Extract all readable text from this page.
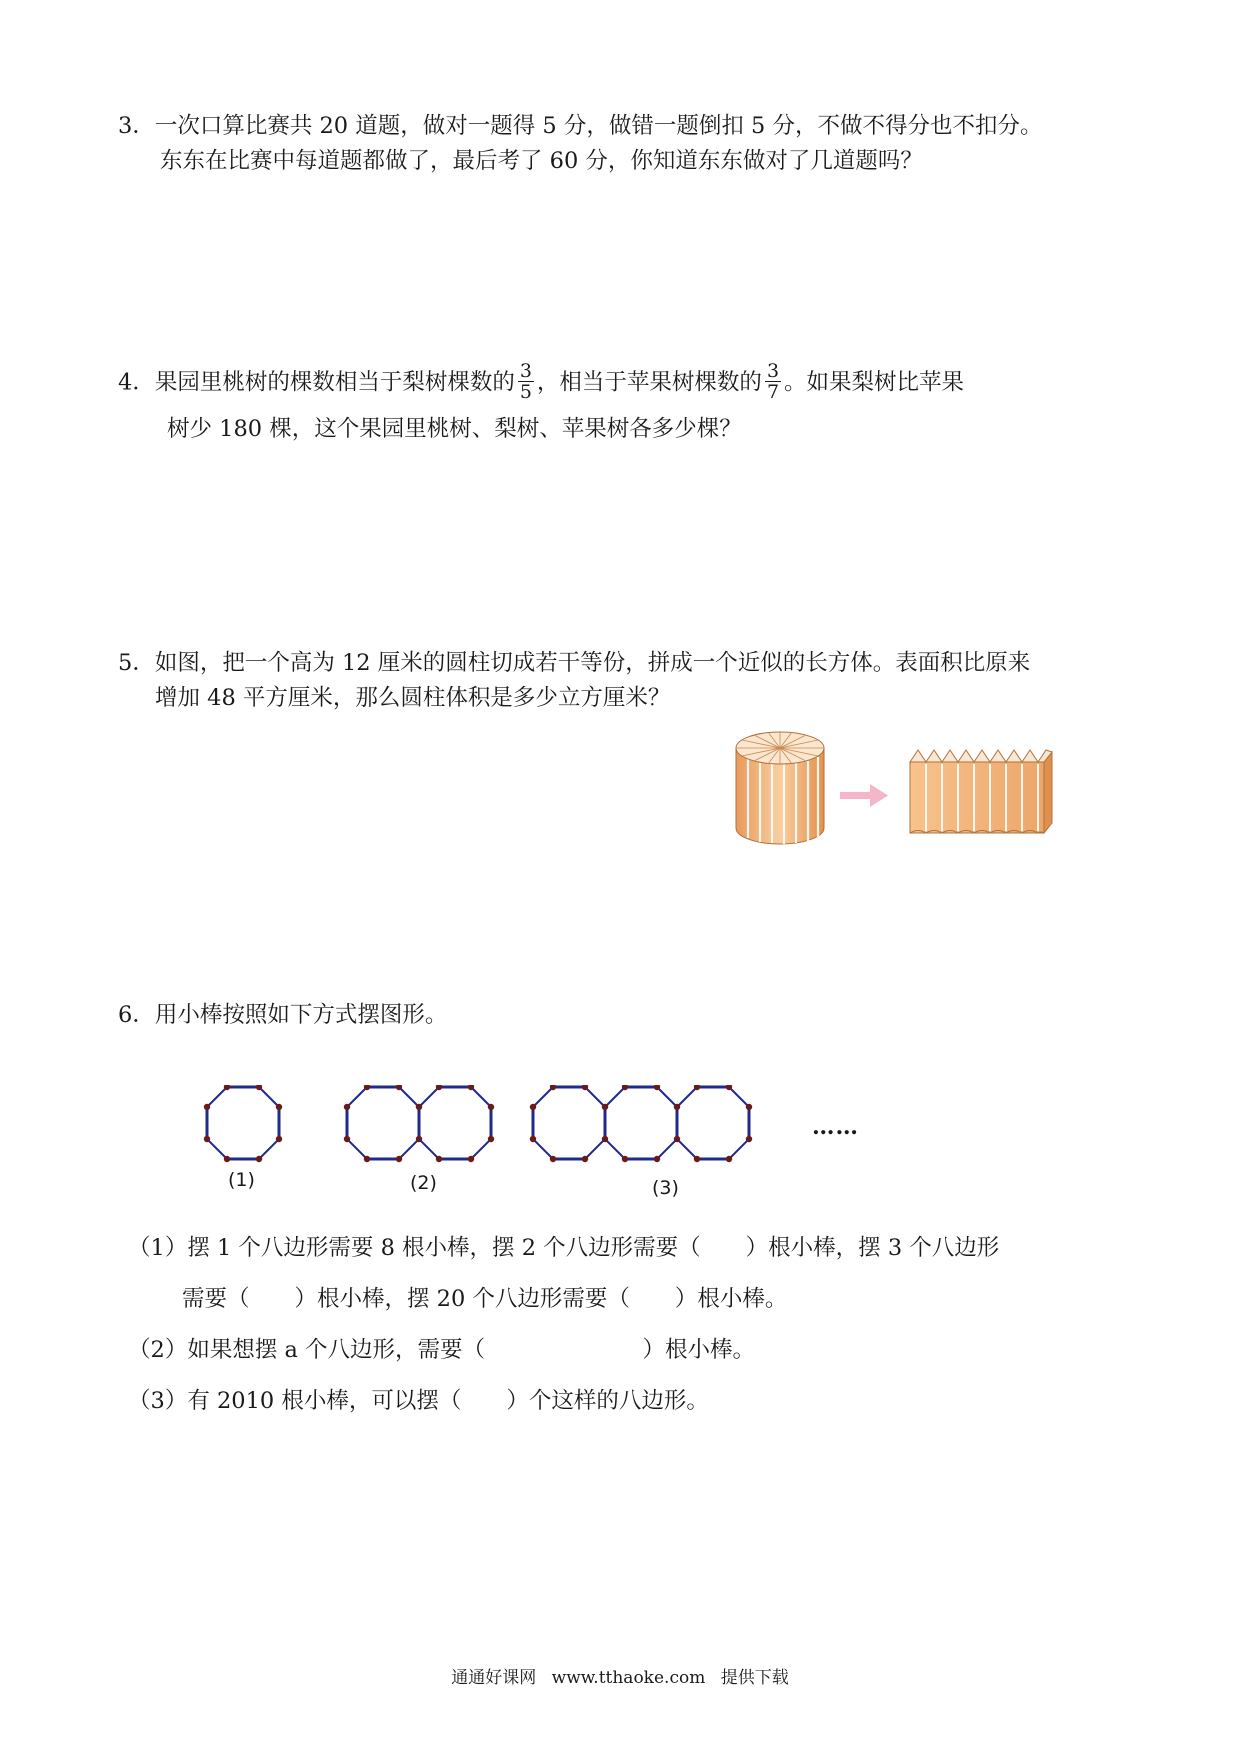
3．一次口算比赛共 20 道题，做对一题得 5 分，做错一题倒扣 5 分，不做不得分也不扣分。
东东在比赛中每道题都做了，最后考了 60 分，你知道东东做对了几道题吗？
4．果园里桃树的棵数相当于梨树棵数的 $\frac{3}{5}$ ，相当于苹果树棵数的 $\frac{3}{7}$ 。如果梨树比苹果
树少 180 棵，这个果园里桃树、梨树、苹果树各多少棵？
5．如图，把一个高为 12 厘米的圆柱切成若干等份，拼成一个近似的长方体。表面积比原来
增加 48 平方厘米，那么圆柱体积是多少立方厘米？
6．用小棒按照如下方式摆图形。
……
(1)	(2)	(3)
（1）摆 1 个八边形需要 8 根小棒，摆 2 个八边形需要（　　）根小棒，摆 3 个八边形
需要（　　）根小棒，摆 20 个八边形需要（　　）根小棒。
（2）如果想摆 a 个八边形，需要（　　　　　　　）根小棒。
（3）有 2010 根小棒，可以摆（　　）个这样的八边形。
通通好课网 www.tthaoke.com 提供下载
